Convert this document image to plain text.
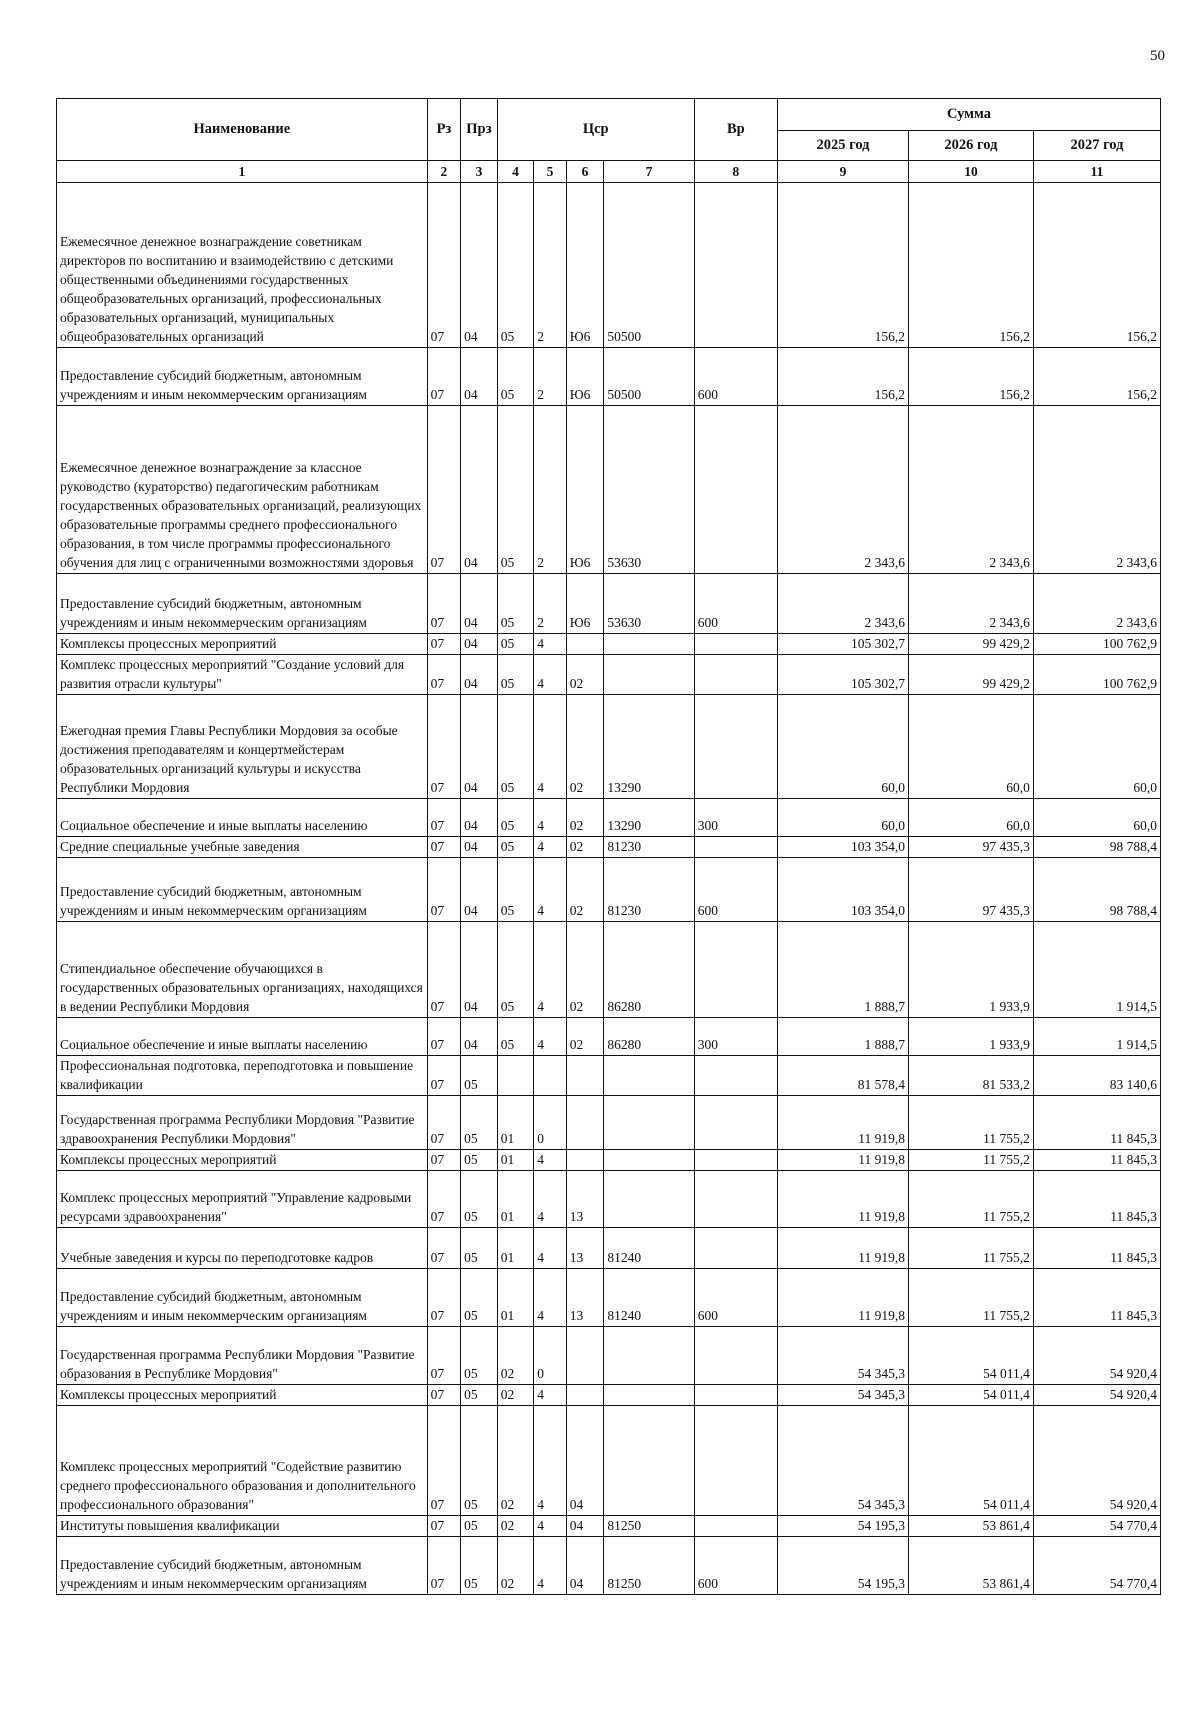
50
Наименование	Рз	Прз	Цср				Вр	Сумма		
								2025 год	2026 год	2027 год
1	2	3	4	5	6	7	8	9	10	11
Ежемесячное денежное вознаграждение советникам директоров по воспитанию и взаимодействию с детскими общественными объединениями государственных общеобразовательных организаций, профессиональных образовательных организаций, муниципальных общеобразовательных организаций	07	04	05	2	Ю6	50500		156,2	156,2	156,2
Предоставление субсидий бюджетным, автономным учреждениям и иным некоммерческим организациям	07	04	05	2	Ю6	50500	600	156,2	156,2	156,2
Ежемесячное денежное вознаграждение за классное руководство (кураторство) педагогическим работникам государственных образовательных организаций, реализующих образовательные программы среднего профессионального образования, в том числе программы профессионального обучения для лиц с ограниченными возможностями здоровья	07	04	05	2	Ю6	53630		2 343,6	2 343,6	2 343,6
Предоставление субсидий бюджетным, автономным учреждениям и иным некоммерческим организациям	07	04	05	2	Ю6	53630	600	2 343,6	2 343,6	2 343,6
Комплексы процессных мероприятий	07	04	05	4				105 302,7	99 429,2	100 762,9
Комплекс процессных мероприятий "Создание условий для развития отрасли культуры"	07	04	05	4	02			105 302,7	99 429,2	100 762,9
Ежегодная премия Главы Республики Мордовия за особые достижения преподавателям и концертмейстерам образовательных организаций культуры и искусства Республики Мордовия	07	04	05	4	02	13290		60,0	60,0	60,0
Социальное обеспечение и иные выплаты населению	07	04	05	4	02	13290	300	60,0	60,0	60,0
Средние специальные учебные заведения	07	04	05	4	02	81230		103 354,0	97 435,3	98 788,4
Предоставление субсидий бюджетным, автономным учреждениям и иным некоммерческим организациям	07	04	05	4	02	81230	600	103 354,0	97 435,3	98 788,4
Стипендиальное обеспечение обучающихся в государственных образовательных организациях, находящихся в ведении Республики Мордовия	07	04	05	4	02	86280		1 888,7	1 933,9	1 914,5
Социальное обеспечение и иные выплаты населению	07	04	05	4	02	86280	300	1 888,7	1 933,9	1 914,5
Профессиональная подготовка, переподготовка и повышение квалификации	07	05						81 578,4	81 533,2	83 140,6
Государственная программа Республики Мордовия "Развитие здравоохранения Республики Мордовия"	07	05	01	0				11 919,8	11 755,2	11 845,3
Комплексы процессных мероприятий	07	05	01	4				11 919,8	11 755,2	11 845,3
Комплекс процессных мероприятий "Управление кадровыми ресурсами здравоохранения"	07	05	01	4	13			11 919,8	11 755,2	11 845,3
Учебные заведения и курсы по переподготовке кадров	07	05	01	4	13	81240		11 919,8	11 755,2	11 845,3
Предоставление субсидий бюджетным, автономным учреждениям и иным некоммерческим организациям	07	05	01	4	13	81240	600	11 919,8	11 755,2	11 845,3
Государственная программа Республики Мордовия "Развитие образования в Республике Мордовия"	07	05	02	0				54 345,3	54 011,4	54 920,4
Комплексы процессных мероприятий	07	05	02	4				54 345,3	54 011,4	54 920,4
Комплекс процессных мероприятий "Содействие развитию среднего профессионального образования и дополнительного профессионального образования"	07	05	02	4	04			54 345,3	54 011,4	54 920,4
Институты повышения квалификации	07	05	02	4	04	81250		54 195,3	53 861,4	54 770,4
Предоставление субсидий бюджетным, автономным учреждениям и иным некоммерческим организациям	07	05	02	4	04	81250	600	54 195,3	53 861,4	54 770,4
